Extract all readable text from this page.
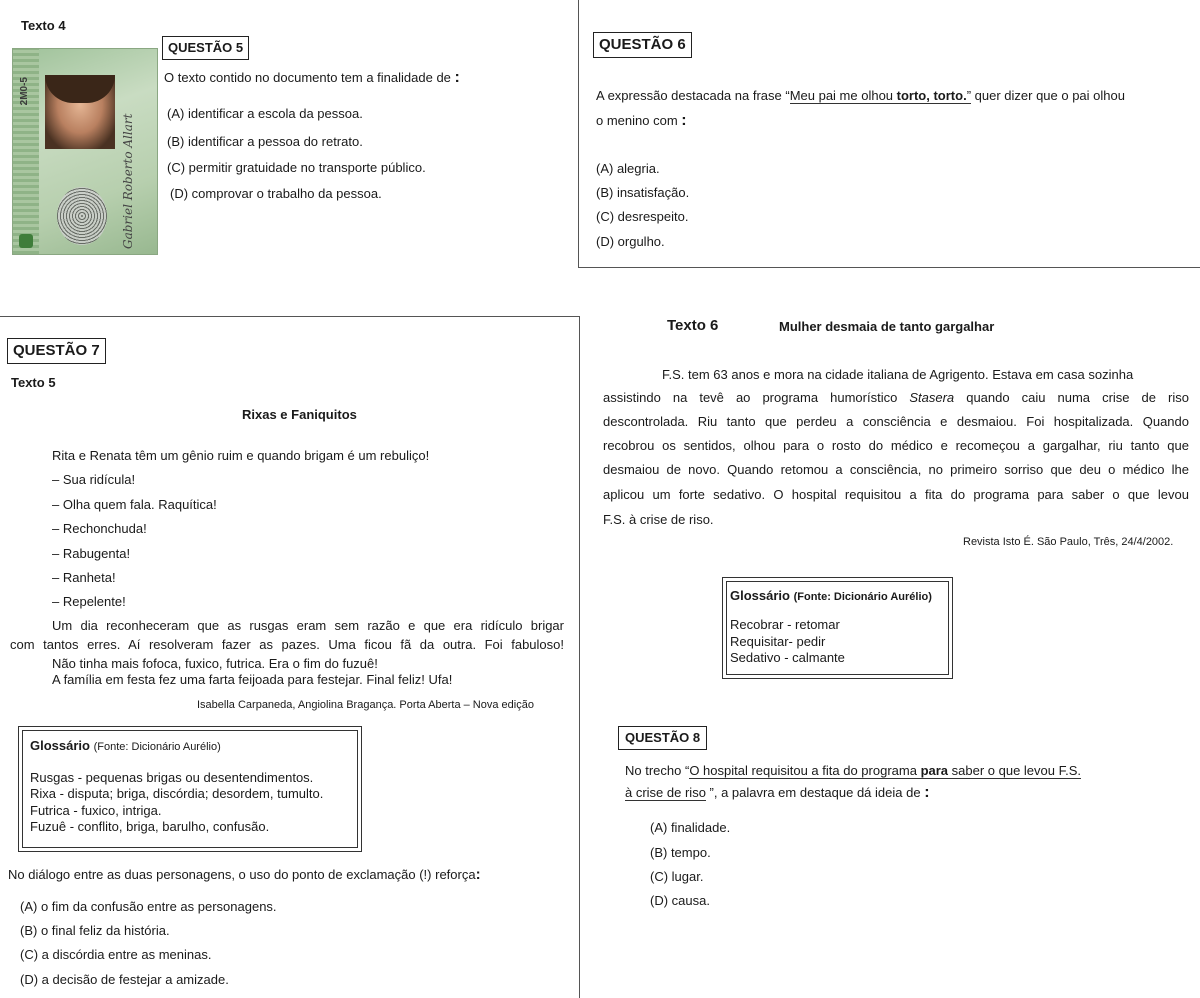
Texto 4
2M0-5
Gabriel Roberto Allart
QUESTÃO 5
O texto contido no documento tem a finalidade de :
(A) identificar a escola da pessoa.
(B) identificar a pessoa do retrato.
(C) permitir gratuidade no transporte público.
(D) comprovar o trabalho da pessoa.
QUESTÃO 6
A expressão destacada na frase “Meu pai me olhou torto, torto.” quer dizer que o pai olhou
o menino com :
(A) alegria.
(B) insatisfação.
(C) desrespeito.
(D) orgulho.
QUESTÃO 7
Texto 5
Rixas e Faniquitos
Rita e Renata têm um gênio ruim e quando brigam é um rebuliço!
– Sua ridícula!
– Olha quem fala. Raquítica!
– Rechonchuda!
– Rabugenta!
– Ranheta!
– Repelente!
Um dia reconheceram que as rusgas eram sem razão e que era ridículo brigar
com tantos erres. Aí resolveram fazer as pazes. Uma ficou fã da outra. Foi fabuloso!
Não tinha mais fofoca, fuxico, futrica. Era o fim do fuzuê!
A família em festa fez uma farta feijoada para festejar. Final feliz! Ufa!
Isabella Carpaneda, Angiolina Bragança. Porta Aberta – Nova edição
Glossário (Fonte: Dicionário Aurélio)
Rusgas - pequenas brigas ou desentendimentos.
Rixa - disputa; briga, discórdia; desordem, tumulto.
Futrica - fuxico, intriga.
Fuzuê - conflito, briga, barulho, confusão.
No diálogo entre as duas personagens, o uso do ponto de exclamação (!) reforça:
(A) o fim da confusão entre as personagens.
(B) o final feliz da história.
(C) a discórdia entre as meninas.
(D) a decisão de festejar a amizade.
Texto 6	Mulher desmaia de tanto gargalhar
F.S. tem 63 anos e mora na cidade italiana de Agrigento. Estava em casa sozinha
assistindo na tevê ao programa humorístico Stasera quando caiu numa crise de riso
descontrolada. Riu tanto que perdeu a consciência e desmaiou. Foi hospitalizada. Quando
recobrou os sentidos, olhou para o rosto do médico e recomeçou a gargalhar, riu tanto que
desmaiou de novo. Quando retomou a consciência, no primeiro sorriso que deu o médico lhe
aplicou um forte sedativo. O hospital requisitou a fita do programa para saber o que levou
F.S. à crise de riso.
Revista Isto É. São Paulo, Três, 24/4/2002.
Glossário (Fonte: Dicionário Aurélio)
Recobrar - retomar
Requisitar- pedir
Sedativo - calmante
QUESTÃO 8
No trecho “O hospital requisitou a fita do programa para saber o que levou F.S.
à crise de riso ”, a palavra em destaque dá ideia de :
(A) finalidade.
(B) tempo.
(C) lugar.
(D) causa.
